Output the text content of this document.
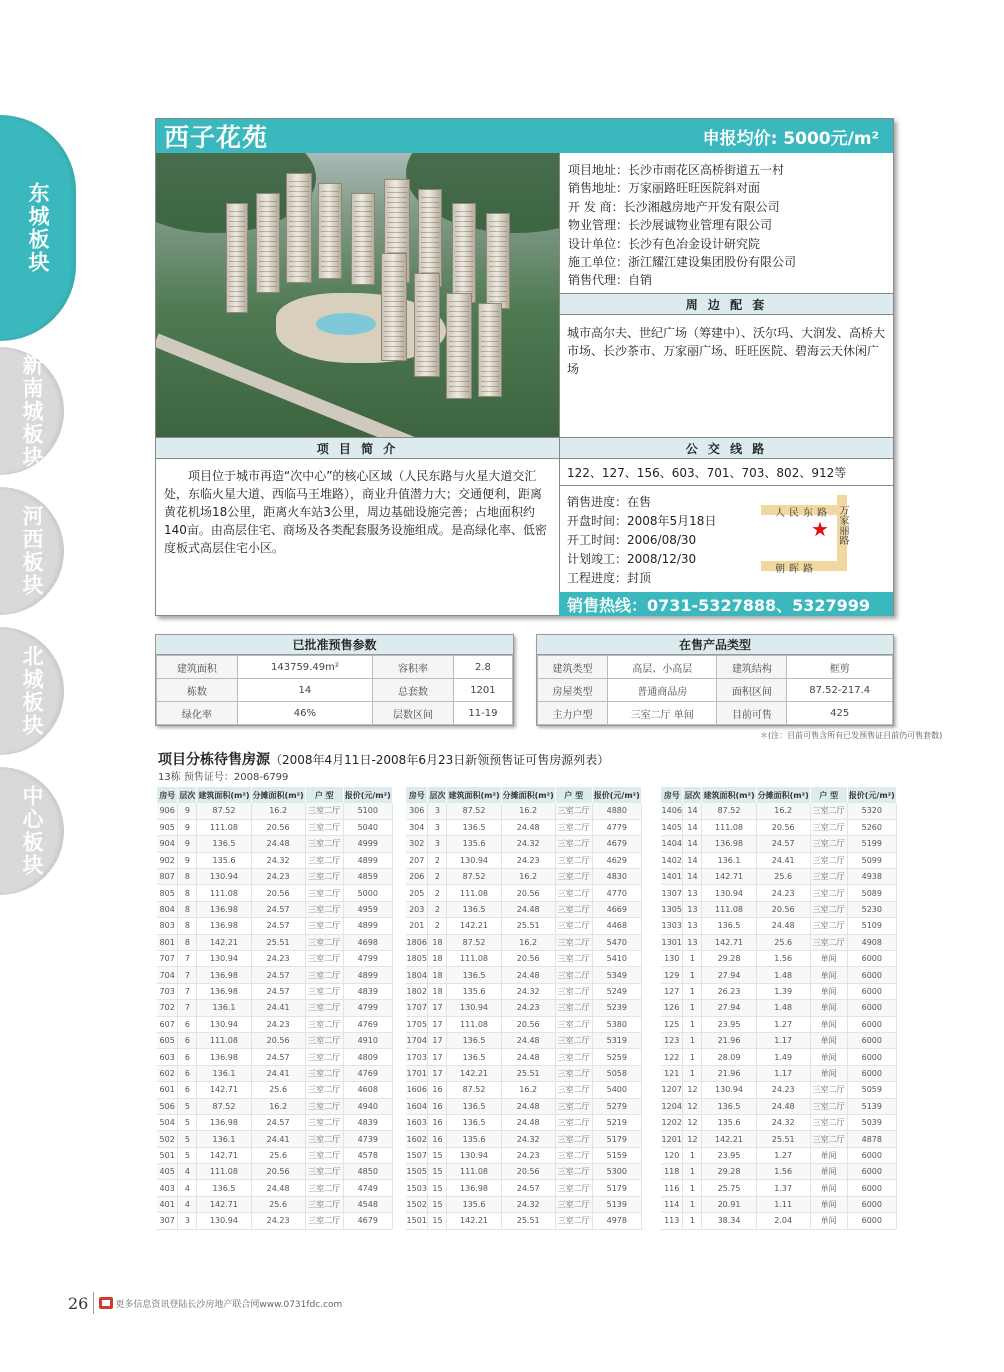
东城板块
新南城板块
河西板块
北城板块
中心板块
西子花苑	申报均价: 5000元/m²
项目地址：长沙市雨花区高桥街道五一村
销售地址：万家丽路旺旺医院斜对面
开 发 商：长沙湘越房地产开发有限公司
物业管理：长沙展诚物业管理有限公司
设计单位：长沙有色冶金设计研究院
施工单位：浙江耀江建设集团股份有限公司
销售代理：自销
周 边 配 套
城市高尔夫、世纪广场（筹建中）、沃尔玛、大润发、高桥大市场、长沙茶市、万家丽广场、旺旺医院、碧海云天休闲广场
项 目 简 介	公 交 线 路
项目位于城市再造“次中心”的核心区域（人民东路与火星大道交汇处，东临火星大道、西临马王堆路），商业升值潜力大；交通便利，距离黄花机场18公里，距离火车站3公里，周边基础设施完善；占地面积约140亩。由高层住宅、商场及各类配套服务设施组成。是高绿化率、低密度板式高层住宅小区。
122、127、156、603、701、703、802、912等
销售进度：在售
开盘时间：2008年5月18日
开工时间：2006/08/30
计划竣工：2008/12/30
工程进度：封顶
人民东路 万家丽路
朝晖路
★
销售热线：0731-5327888、5327999
已批准预售参数
建筑面积	143759.49m²	容积率	2.8
栋数	14	总套数	1201
绿化率	46%	层数区间	11-19
在售产品类型
建筑类型	高层、小高层	建筑结构	框剪
房屋类型	普通商品房	面积区间	87.52-217.4
主力户型	三室二厅 单间	目前可售	425
＊(注：目前可售含所有已发预售证目前仍可售套数)
项目分栋待售房源（2008年4月11日-2008年6月23日新领预售证可售房源列表）
13栋 预售证号：2008-6799
房号	层次	建筑面积(m²)	分摊面积(m²)	户 型	报价(元/m²)
906	9	87.52	16.2	三室二厅	5100
905	9	111.08	20.56	三室二厅	5040
904	9	136.5	24.48	三室二厅	4999
902	9	135.6	24.32	三室二厅	4899
807	8	130.94	24.23	三室二厅	4859
805	8	111.08	20.56	三室二厅	5000
804	8	136.98	24.57	三室二厅	4959
803	8	136.98	24.57	三室二厅	4899
801	8	142.21	25.51	三室二厅	4698
707	7	130.94	24.23	三室二厅	4799
704	7	136.98	24.57	三室二厅	4899
703	7	136.98	24.57	三室二厅	4839
702	7	136.1	24.41	三室二厅	4799
607	6	130.94	24.23	三室二厅	4769
605	6	111.08	20.56	三室二厅	4910
603	6	136.98	24.57	三室二厅	4809
602	6	136.1	24.41	三室二厅	4769
601	6	142.71	25.6	三室二厅	4608
506	5	87.52	16.2	三室二厅	4940
504	5	136.98	24.57	三室二厅	4839
502	5	136.1	24.41	三室二厅	4739
501	5	142.71	25.6	三室二厅	4578
405	4	111.08	20.56	三室二厅	4850
403	4	136.5	24.48	三室二厅	4749
401	4	142.71	25.6	三室二厅	4548
307	3	130.94	24.23	三室二厅	4679
房号	层次	建筑面积(m²)	分摊面积(m²)	户 型	报价(元/m²)
306	3	87.52	16.2	三室二厅	4880
304	3	136.5	24.48	三室二厅	4779
302	3	135.6	24.32	三室二厅	4679
207	2	130.94	24.23	三室二厅	4629
206	2	87.52	16.2	三室二厅	4830
205	2	111.08	20.56	三室二厅	4770
203	2	136.5	24.48	三室二厅	4669
201	2	142.21	25.51	三室二厅	4468
1806	18	87.52	16.2	三室二厅	5470
1805	18	111.08	20.56	三室二厅	5410
1804	18	136.5	24.48	三室二厅	5349
1802	18	135.6	24.32	三室二厅	5249
1707	17	130.94	24.23	三室二厅	5239
1705	17	111.08	20.56	三室二厅	5380
1704	17	136.5	24.48	三室二厅	5319
1703	17	136.5	24.48	三室二厅	5259
1701	17	142.21	25.51	三室二厅	5058
1606	16	87.52	16.2	三室二厅	5400
1604	16	136.5	24.48	三室二厅	5279
1603	16	136.5	24.48	三室二厅	5219
1602	16	135.6	24.32	三室二厅	5179
1507	15	130.94	24.23	三室二厅	5159
1505	15	111.08	20.56	三室二厅	5300
1503	15	136.98	24.57	三室二厅	5179
1502	15	135.6	24.32	三室二厅	5139
1501	15	142.21	25.51	三室二厅	4978
房号	层次	建筑面积(m²)	分摊面积(m²)	户 型	报价(元/m²)
1406	14	87.52	16.2	三室二厅	5320
1405	14	111.08	20.56	三室二厅	5260
1404	14	136.98	24.57	三室二厅	5199
1402	14	136.1	24.41	三室二厅	5099
1401	14	142.71	25.6	三室二厅	4938
1307	13	130.94	24.23	三室二厅	5089
1305	13	111.08	20.56	三室二厅	5230
1303	13	136.5	24.48	三室二厅	5109
1301	13	142.71	25.6	三室二厅	4908
130	1	29.28	1.56	单间	6000
129	1	27.94	1.48	单间	6000
127	1	26.23	1.39	单间	6000
126	1	27.94	1.48	单间	6000
125	1	23.95	1.27	单间	6000
123	1	21.96	1.17	单间	6000
122	1	28.09	1.49	单间	6000
121	1	21.96	1.17	单间	6000
1207	12	130.94	24.23	三室二厅	5059
1204	12	136.5	24.48	三室二厅	5139
1202	12	135.6	24.32	三室二厅	5039
1201	12	142.21	25.51	三室二厅	4878
120	1	23.95	1.27	单间	6000
118	1	29.28	1.56	单间	6000
116	1	25.75	1.37	单间	6000
114	1	20.91	1.11	单间	6000
113	1	38.34	2.04	单间	6000
26	更多信息资讯登陆长沙房地产联合网www.0731fdc.com
